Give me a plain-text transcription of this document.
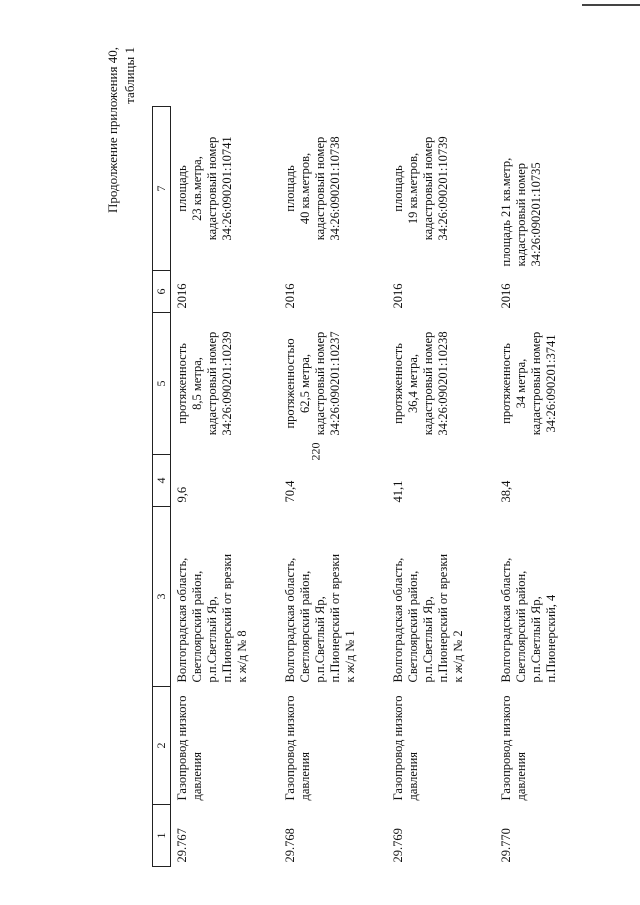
220
Продолжение приложения 40, таблицы 1
1	2	3	4	5	6	7
29.767	Газопровод низкого давления	Волгоградская область, Светлоярский район, р.п.Светлый Яр, п.Пионерский от врезки к ж/д № 8	9,6	протяженность 8,5 метра, кадастровый номер 34:26:090201:10239	2016	площадь 23 кв.метра, кадастровый номер 34:26:090201:10741

29.768	Газопровод низкого давления	Волгоградская область, Светлоярский район, р.п.Светлый Яр, п.Пионерский от врезки к ж/д № 1	70,4	протяженностью 62,5 метра, кадастровый номер 34:26:090201:10237	2016	площадь 40 кв.метров, кадастровый номер 34:26:090201:10738

29.769	Газопровод низкого давления	Волгоградская область, Светлоярский район, р.п.Светлый Яр, п.Пионерский от врезки к ж/д № 2	41,1	протяженность 36,4 метра, кадастровый номер 34:26:090201:10238	2016	площадь 19 кв.метров, кадастровый номер 34:26:090201:10739

29.770	Газопровод низкого давления	Волгоградская область, Светлоярский район, р.п.Светлый Яр, п.Пионерский, 4	38,4	протяженность 34 метра, кадастровый номер 34:26:090201:3741	2016	площадь 21 кв.метр, кадастровый номер 34:26:090201:10735
